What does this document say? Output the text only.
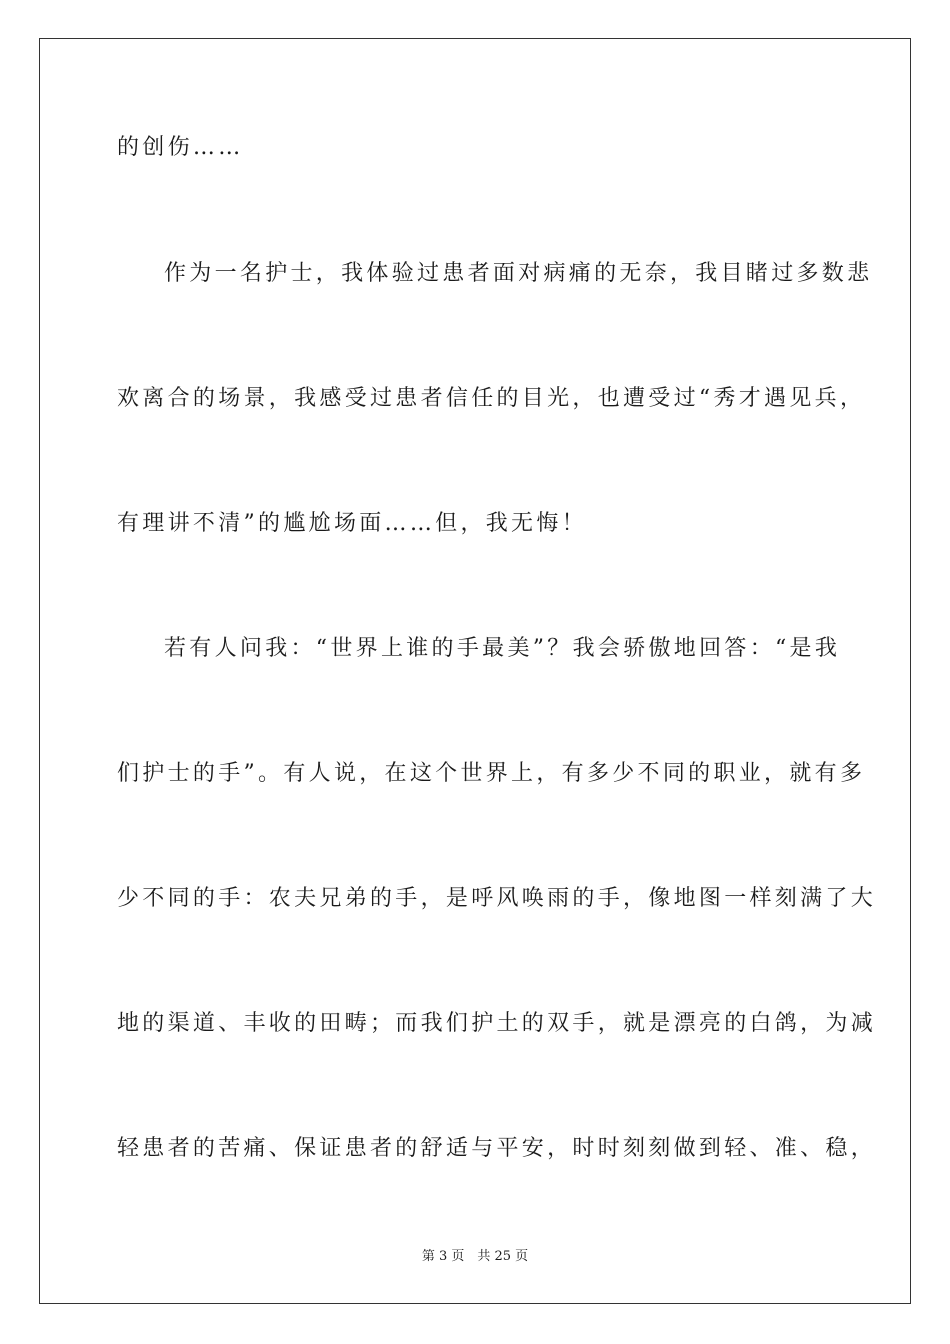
的创伤……
作为一名护士，我体验过患者面对病痛的无奈，我目睹过多数悲
欢离合的场景，我感受过患者信任的目光，也遭受过“秀才遇见兵，
有理讲不清”的尴尬场面……但，我无悔！
若有人问我：“世界上谁的手最美”？我会骄傲地回答：“是我
们护士的手”。有人说，在这个世界上，有多少不同的职业，就有多
少不同的手：农夫兄弟的手，是呼风唤雨的手，像地图一样刻满了大
地的渠道、丰收的田畴；而我们护土的双手，就是漂亮的白鸽，为减
轻患者的苦痛、保证患者的舒适与平安，时时刻刻做到轻、准、稳，
第 3 页　共 25 页
